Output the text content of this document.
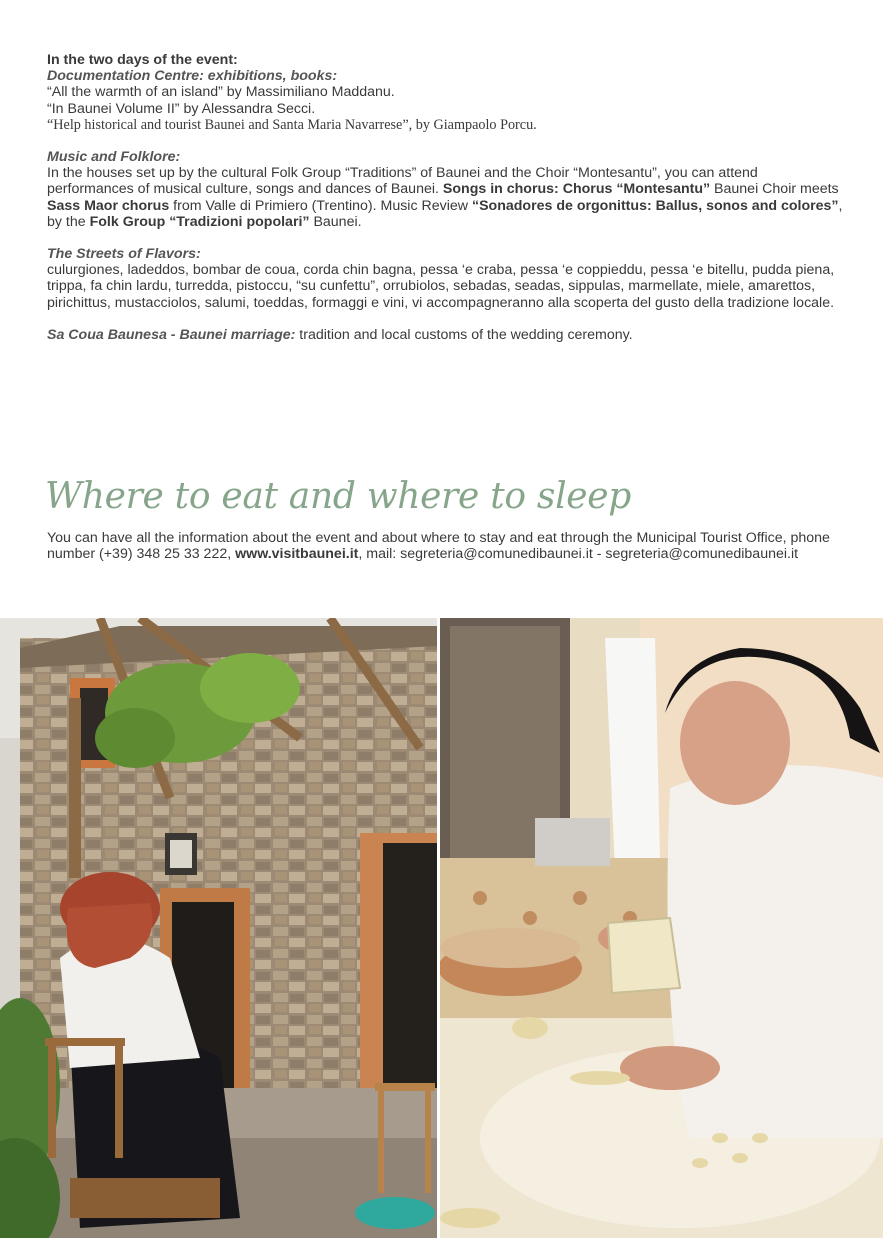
In the two days of the event:

Documentation Centre: exhibitions, books:

“All the warmth of an island” by Massimiliano Maddanu.

“In Baunei Volume II” by Alessandra Secci.

“Help historical and tourist Baunei and Santa Maria Navarrese”, by Giampaolo Porcu.

Music and Folklore:

In the houses set up by the cultural Folk Group “Traditions” of Baunei and the Choir “Montesantu”, you can attend performances of musical culture, songs and dances of Baunei. Songs in chorus: Chorus “Montesantu” Baunei Choir meets Sass Maor chorus from Valle di Primiero (Trentino). Music Review “Sonadores de orgonittus: Ballus, sonos and colores”, by the Folk Group “Tradizioni popolari” Baunei.

The Streets of Flavors:

culurgiones, ladeddos, bombar de coua, corda chin bagna, pessa ‘e craba, pessa ‘e coppieddu, pessa ‘e bitellu, pudda piena, trippa, fa chin lardu, turredda, pistoccu, “su cunfettu”, orrubiolos, sebadas, seadas, sippulas, marmellate, miele, amarettos, pirichittus, mustacciolos, salumi, toeddas, formaggi e vini, vi accompagneranno alla scoperta del gusto della tradizione locale.

Sa Coua Baunesa - Baunei marriage: tradition and local customs of the wedding ceremony.

Where to eat and where to sleep

You can have all the information about the event and about where to stay and eat through the Municipal Tourist Office, phone number (+39) 348 25 33 222, www.visitbaunei.it, mail: segreteria@comunedibaunei.it - segreteria@comunedibaunei.it
